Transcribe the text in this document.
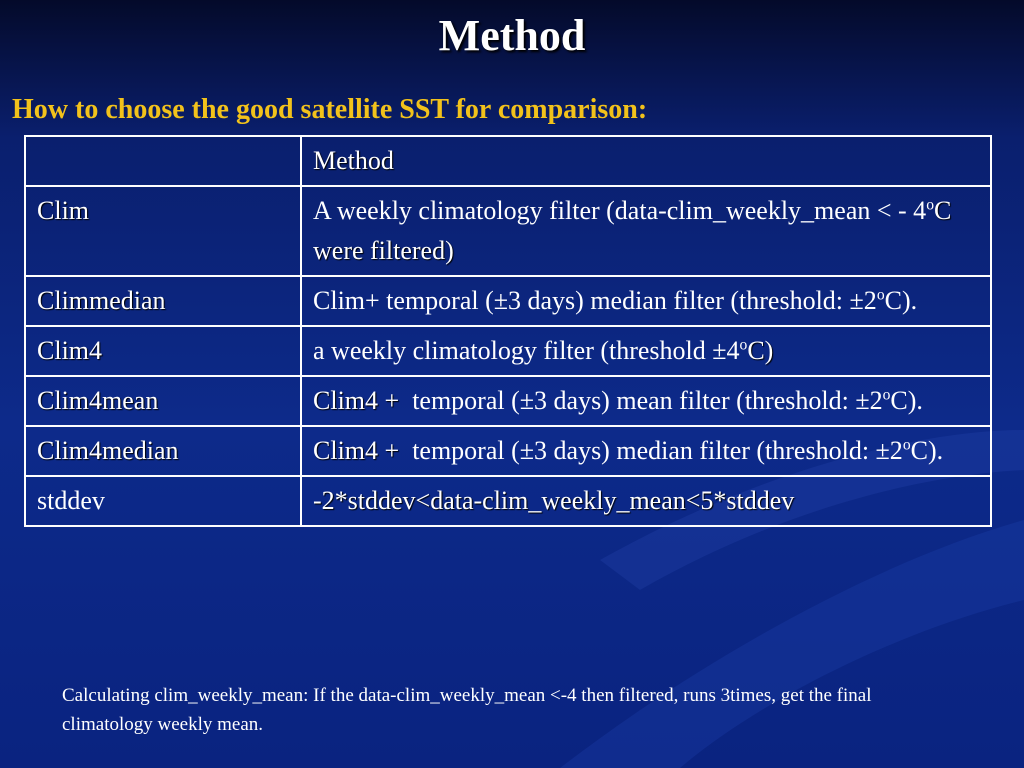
Method
How to choose the good satellite SST for comparison:
	Method
Clim	A weekly climatology filter (data-clim_weekly_mean < - 4$^o$C were filtered)
Climmedian	Clim+ temporal (±3 days) median filter (threshold: $\pm 2^oC$).
Clim4	a weekly climatology filter (threshold $\pm 4^oC$)
Clim4mean	Clim4 + temporal (±3 days) mean filter (threshold: $\pm 2^oC$).
Clim4median	Clim4 + temporal (±3 days) median filter (threshold: $\pm 2^oC$).
stddev	-2*stddev<data-clim_weekly_mean<5*stddev
Calculating clim_weekly_mean: If the data-clim_weekly_mean <-4 then filtered, runs 3times, get the final climatology weekly mean.
